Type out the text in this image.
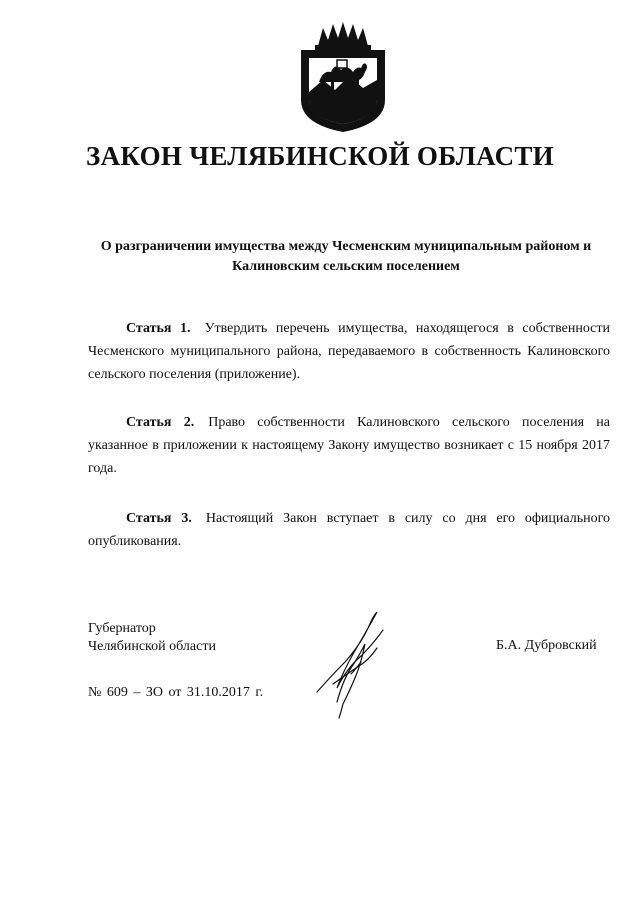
ЗАКОН ЧЕЛЯБИНСКОЙ ОБЛАСТИ
О разграничении имущества между Чесменским муниципальным районом и
Калиновским сельским поселением
Статья 1. Утвердить перечень имущества, находящегося в собственности Чесменского муниципального района, передаваемого в собственность Калиновского сельского поселения (приложение).
Статья 2. Право собственности Калиновского сельского поселения на указанное в приложении к настоящему Закону имущество возникает с 15 ноября 2017 года.
Статья 3. Настоящий Закон вступает в силу со дня его официального опубликования.
Губернатор
Челябинской области	Б.А. Дубровский
№ 609 – ЗО от 31.10.2017 г.
